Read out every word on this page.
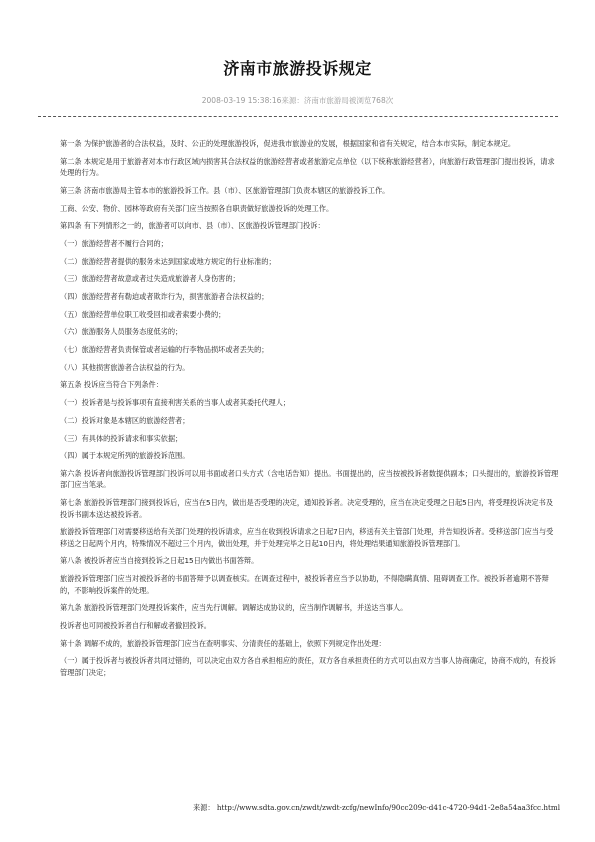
济南市旅游投诉规定
2008-03-19 15:38:16来源：济南市旅游局被浏览768次

第一条 为保护旅游者的合法权益，及时、公正的处理旅游投诉，促进我市旅游业的发展，根据国家和省有关规定，结合本市实际，制定本规定。

第二条 本规定是用于旅游者对本市行政区域内损害其合法权益的旅游经营者或者旅游定点单位（以下统称旅游经营者），向旅游行政管理部门提出投诉，请求处理的行为。

第三条 济南市旅游局主管本市的旅游投诉工作。县（市）、区旅游管理部门负责本辖区的旅游投诉工作。

工商、公安、物价、园林等政府有关部门应当按照各自职责做好旅游投诉的处理工作。

第四条 有下列情形之一的，旅游者可以向市、县（市）、区旅游投诉管理部门投诉：

（一）旅游经营者不履行合同的；

（二）旅游经营者提供的服务未达到国家或地方规定的行业标准的；

（三）旅游经营者故意或者过失造成旅游者人身伤害的；

（四）旅游经营者有勒迫或者欺诈行为，损害旅游者合法权益的；

（五）旅游经营单位职工收受回扣或者索要小费的；

（六）旅游服务人员服务态度低劣的；

（七）旅游经营者负责保管或者运输的行李物品损坏或者丢失的；

（八）其他损害旅游者合法权益的行为。

第五条 投诉应当符合下列条件：

（一）投诉者是与投诉事项有直接利害关系的当事人或者其委托代理人；

（二）投诉对象是本辖区的旅游经营者；

（三）有具体的投诉请求和事实依据；

（四）属于本规定所列的旅游投诉范围。

第六条 投诉者向旅游投诉管理部门投诉可以用书面或者口头方式（含电话告知）提出。书面提出的，应当按被投诉者数提供副本；口头提出的，旅游投诉管理部门应当笔录。

第七条 旅游投诉管理部门接到投诉后，应当在5日内，做出是否受理的决定，通知投诉者。决定受理的，应当在决定受理之日起5日内，将受理投诉决定书及投诉书副本送达被投诉者。

旅游投诉管理部门对需要移送给有关部门处理的投诉请求，应当在收到投诉请求之日起7日内，移送有关主管部门处理，并告知投诉者。受移送部门应当与受移送之日起两个月内，特殊情况不超过三个月内，做出处理，并于处理完毕之日起10日内，将处理结果通知旅游投诉管理部门。

第八条 被投诉者应当自接到投诉之日起15日内做出书面答辩。

旅游投诉管理部门应当对被投诉者的书面答辩予以调查核实。在调查过程中，被投诉者应当予以协助，不得隐瞒真情、阻碍调查工作。被投诉者逾期不答辩的，不影响投诉案件的处理。

第九条 旅游投诉管理部门处理投诉案件，应当先行调解。调解达成协议的，应当制作调解书，并送达当事人。

投诉者也可同被投诉者自行和解或者撤回投诉。

第十条 调解不成的，旅游投诉管理部门应当在查明事实、分清责任的基础上，依照下列规定作出处理：

（一）属于投诉者与被投诉者共同过错的，可以决定由双方各自承担相应的责任，双方各自承担责任的方式可以由双方当事人协商确定，协商不成的，有投诉管理部门决定；

来源： http://www.sdta.gov.cn/zwdt/zwdt-zcfg/newInfo/90cc209c-d41c-4720-94d1-2e8a54aa3fcc.html
